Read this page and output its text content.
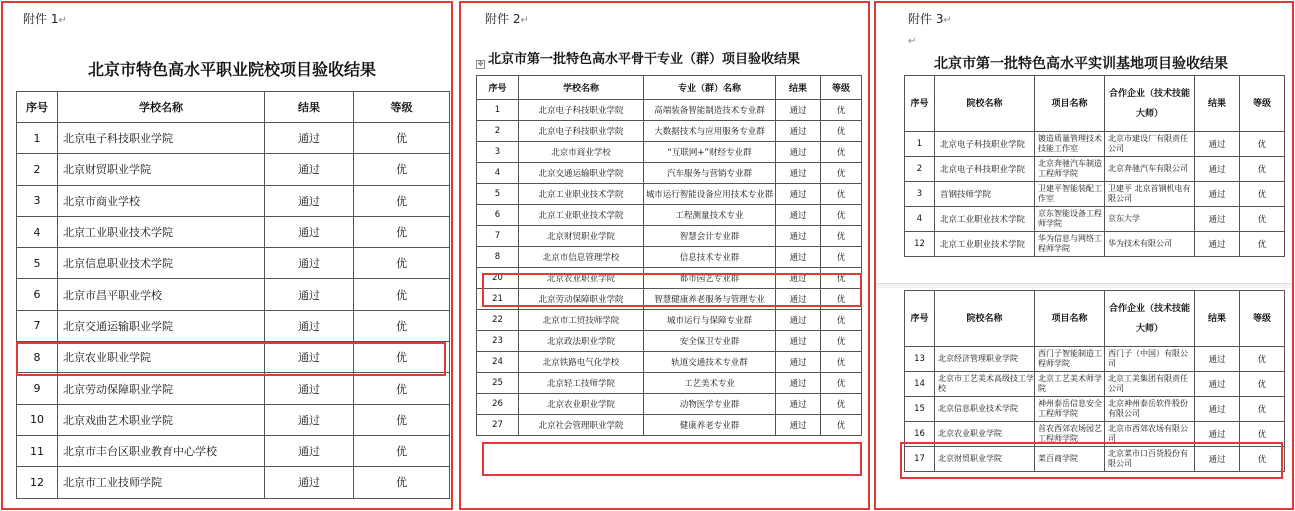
附件 1↵
北京市特色高水平职业院校项目验收结果
序号	学校名称	结果	等级
1	北京电子科技职业学院	通过	优
2	北京财贸职业学院	通过	优
3	北京市商业学校	通过	优
4	北京工业职业技术学院	通过	优
5	北京信息职业技术学院	通过	优
6	北京市昌平职业学校	通过	优
7	北京交通运输职业学院	通过	优
8	北京农业职业学院	通过	优
9	北京劳动保障职业学院	通过	优
10	北京戏曲艺术职业学院	通过	优
11	北京市丰台区职业教育中心学校	通过	优
12	北京市工业技师学院	通过	优
附件 2↵
北京市第一批特色高水平骨干专业（群）项目验收结果
✥
序号	学校名称	专业（群）名称	结果	等级
1	北京电子科技职业学院	高端装备智能制造技术专业群	通过	优
2	北京电子科技职业学院	大数据技术与应用服务专业群	通过	优
3	北京市商业学校	“互联网+”财经专业群	通过	优
4	北京交通运输职业学院	汽车服务与营销专业群	通过	优
5	北京工业职业技术学院	城市运行智能设备应用技术专业群	通过	优
6	北京工业职业技术学院	工程测量技术专业	通过	优
7	北京财贸职业学院	智慧会计专业群	通过	优
8	北京市信息管理学校	信息技术专业群	通过	优
20	北京农业职业学院	都市园艺专业群	通过	优
21	北京劳动保障职业学院	智慧健康养老服务与管理专业	通过	优
22	北京市工贸技师学院	城市运行与保障专业群	通过	优
23	北京政法职业学院	安全保卫专业群	通过	优
24	北京铁路电气化学校	轨道交通技术专业群	通过	优
25	北京轻工技师学院	工艺美术专业	通过	优
26	北京农业职业学院	动物医学专业群	通过	优
27	北京社会管理职业学院	健康养老专业群	通过	优
附件 3↵
↵
北京市第一批特色高水平实训基地项目验收结果
序号	院校名称	项目名称	合作企业（技术技能大师）	结果	等级
1	北京电子科技职业学院	镀造质量管理技术技能工作室	北京市建设厂有限责任公司	通过	优
2	北京电子科技职业学院	北京奔驰汽车制造工程师学院	北京奔驰汽车有限公司	通过	优
3	首钢技师学院	卫建平智能装配工作室	卫建平 北京首钢机电有限公司	通过	优
4	北京工业职业技术学院	京东智能设备工程师学院	京东大学	通过	优
12	北京工业职业技术学院	华为信息与网络工程师学院	华为技术有限公司	通过	优
序号	院校名称	项目名称	合作企业（技术技能大师）	结果	等级
13	北京经济管理职业学院	西门子智能制造工程师学院	西门子（中国）有限公司	通过	优
14	北京市工艺美术高级技工学校	北京工艺美术师学院	北京工美集团有限责任公司	通过	优
15	北京信息职业技术学院	神州泰岳信息安全工程师学院	北京神州泰岳软件股份有限公司	通过	优
16	北京农业职业学院	首农西郊农场园艺工程师学院	北京市西郊农场有限公司	通过	优
17	北京财贸职业学院	菜百商学院	北京菜市口百货股份有限公司	通过	优
